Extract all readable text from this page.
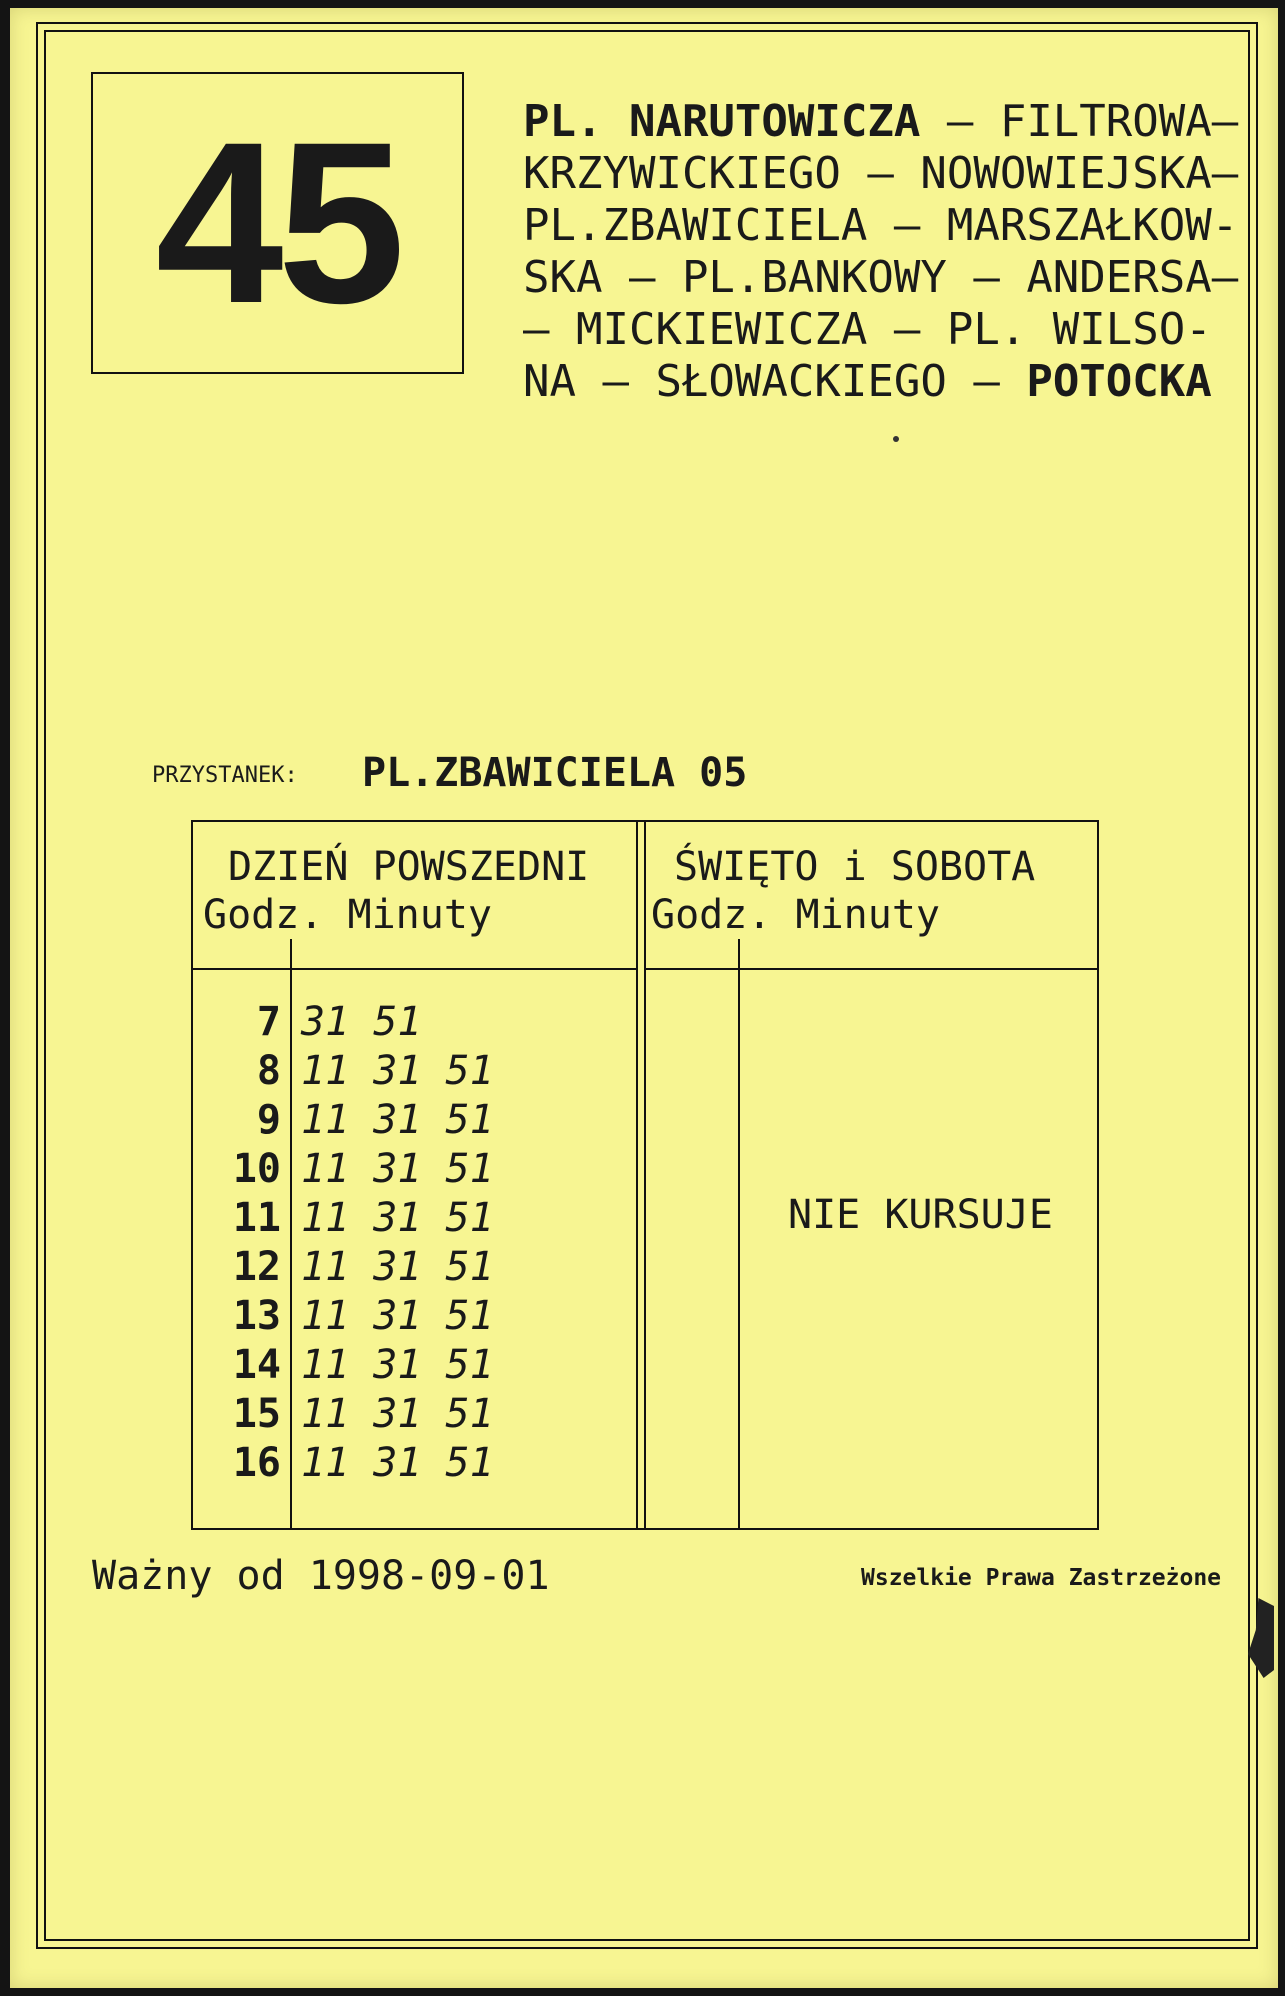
45	PL. NARUTOWICZA – FILTROWA–
KRZYWICKIEGO – NOWOWIEJSKA–
PL.ZBAWICIELA – MARSZAŁKOW-
SKA – PL.BANKOWY – ANDERSA–
– MICKIEWICZA – PL. WILSO-
NA – SŁOWACKIEGO – POTOCKA
PRZYSTANEK: PL.ZBAWICIELA 05
DZIEŃ POWSZEDNI
Godz. Minuty
ŚWIĘTO i SOBOTA
Godz. Minuty
7 31 51
8 11 31 51
9 11 31 51
10 11 31 51
11 11 31 51
12 11 31 51
13 11 31 51
14 11 31 51
15 11 31 51
16 11 31 51
NIE KURSUJE
Ważny od 1998-09-01	Wszelkie Prawa Zastrzeżone
